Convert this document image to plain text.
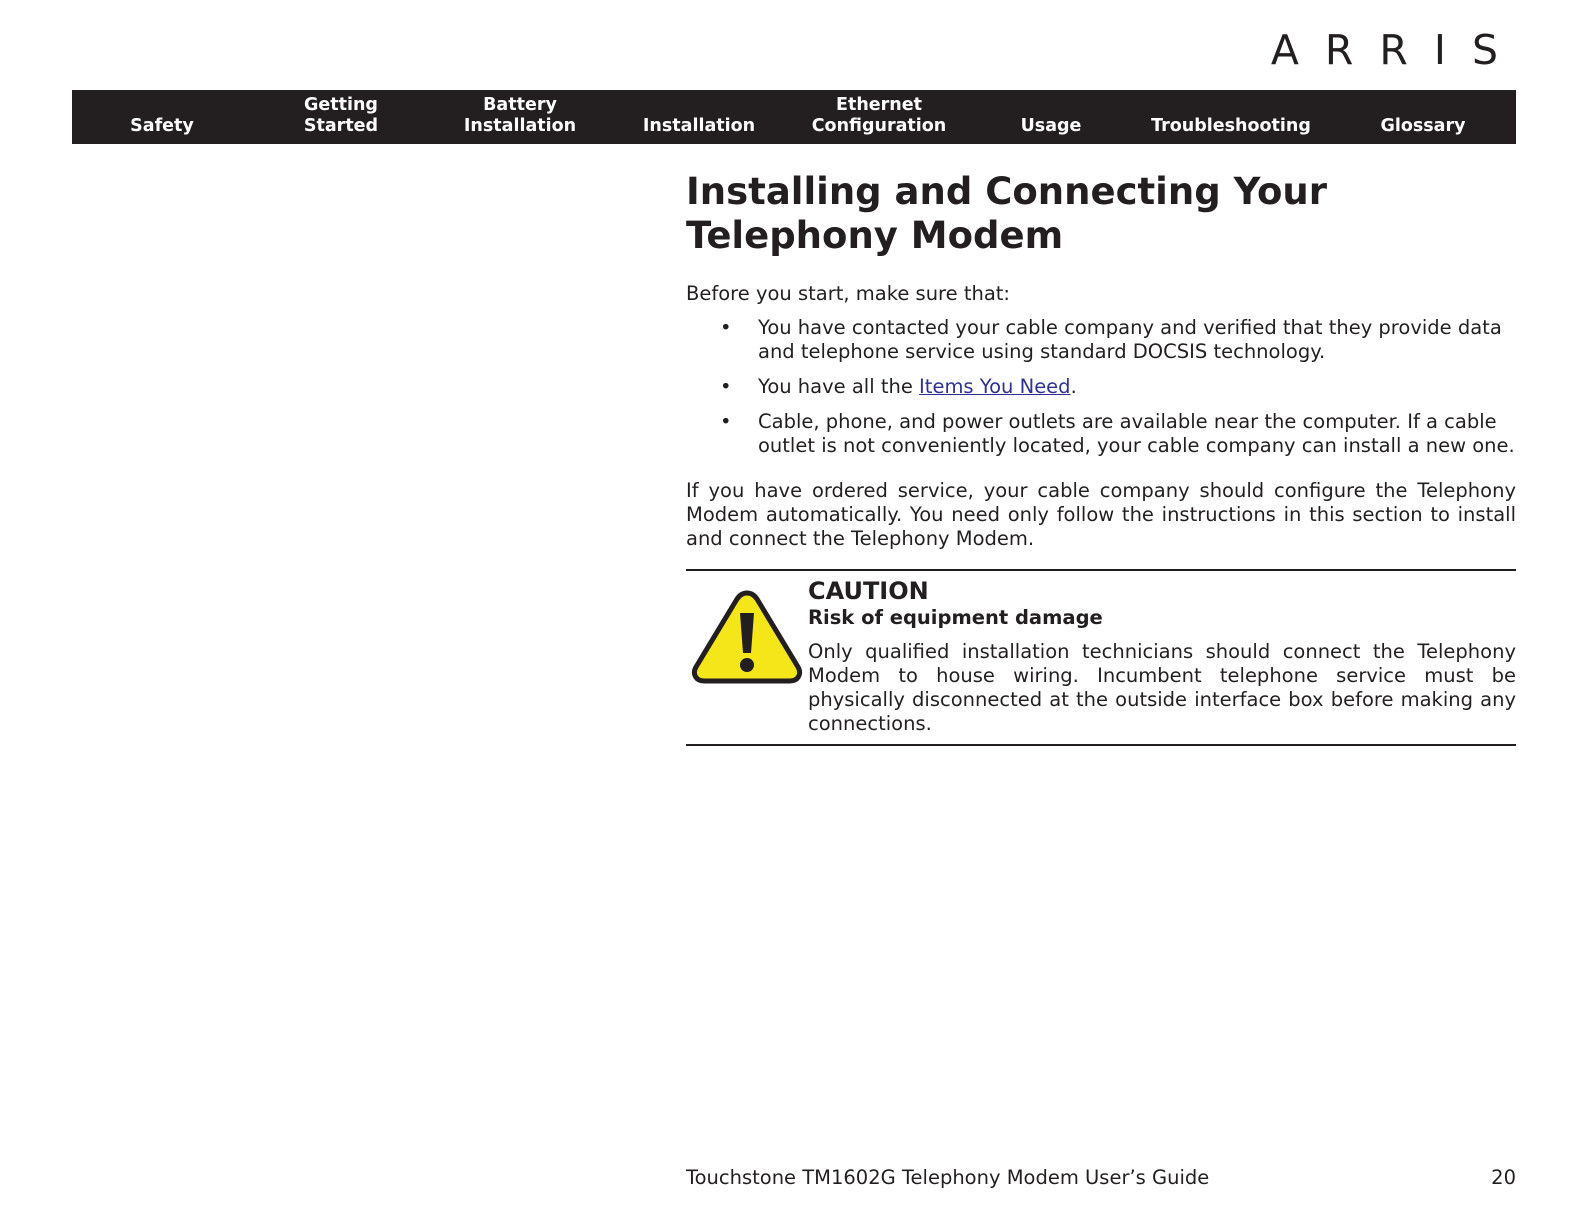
ARRIS
Safety
Getting
Started
Battery
Installation	Installation
Ethernet
Configuration	Usage	Troubleshooting	Glossary
Installing and Connecting Your Telephony Modem

Before you start, make sure that:

• You have contacted your cable company and verified that they provide data and telephone service using standard DOCSIS technology.
• You have all the Items You Need.
• Cable, phone, and power outlets are available near the computer. If a cable outlet is not conveniently located, your cable company can install a new one.

If you have ordered service, your cable company should configure the Telephony Modem automatically. You need only follow the instructions in this section to install and connect the Telephony Modem.

CAUTION
Risk of equipment damage
Only qualified installation technicians should connect the Telephony Modem to house wiring. Incumbent telephone service must be physically disconnected at the outside interface box before making any connections.
Touchstone TM1602G Telephony Modem User’s Guide	20
